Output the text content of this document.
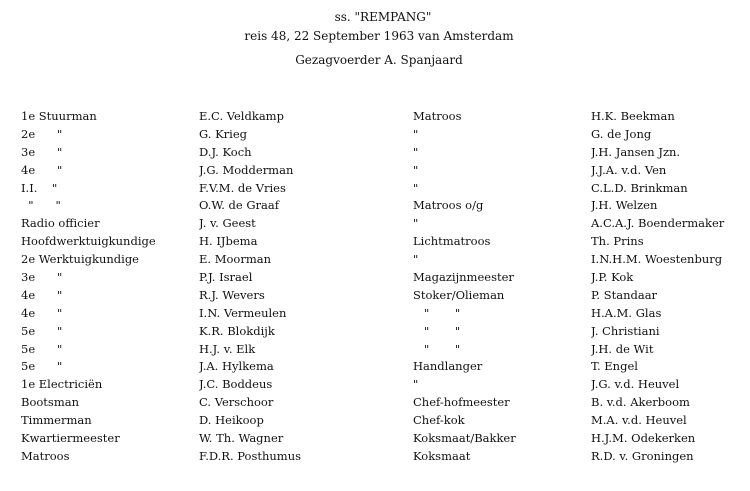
ss. "REMPANG"
reis 48, 22 September 1963 van Amsterdam
Gezagvoerder A. Spanjaard
1e Stuurman	E.C. Veldkamp	Matroos	H.K. Beekman
2e      "	G. Krieg	"	G. de Jong
3e      "	D.J. Koch	"	J.H. Jansen Jzn.
4e      "	J.G. Modderman	"	J.J.A. v.d. Ven
I.I.    "	F.V.M. de Vries	"	C.L.D. Brinkman
"      "	O.W. de Graaf	Matroos o/g	J.H. Welzen
Radio officier	J. v. Geest	"	A.C.A.J. Boendermaker
Hoofdwerktuigkundige	H. IJbema	Lichtmatroos	Th. Prins
2e Werktuigkundige	E. Moorman	"	I.N.H.M. Woestenburg
3e      "	P.J. Israel	Magazijnmeester	J.P. Kok
4e      "	R.J. Wevers	Stoker/Olieman	P. Standaar
4e      "	I.N. Vermeulen	"       "	H.A.M. Glas
5e      "	K.R. Blokdijk	"       "	J. Christiani
5e      "	H.J. v. Elk	"       "	J.H. de Wit
5e      "	J.A. Hylkema	Handlanger	T. Engel
1e Electriciën	J.C. Boddeus	"	J.G. v.d. Heuvel
Bootsman	C. Verschoor	Chef-hofmeester	B. v.d. Akerboom
Timmerman	D. Heikoop	Chef-kok	M.A. v.d. Heuvel
Kwartiermeester	W. Th. Wagner	Koksmaat/Bakker	H.J.M. Odekerken
Matroos	F.D.R. Posthumus	Koksmaat	R.D. v. Groningen
